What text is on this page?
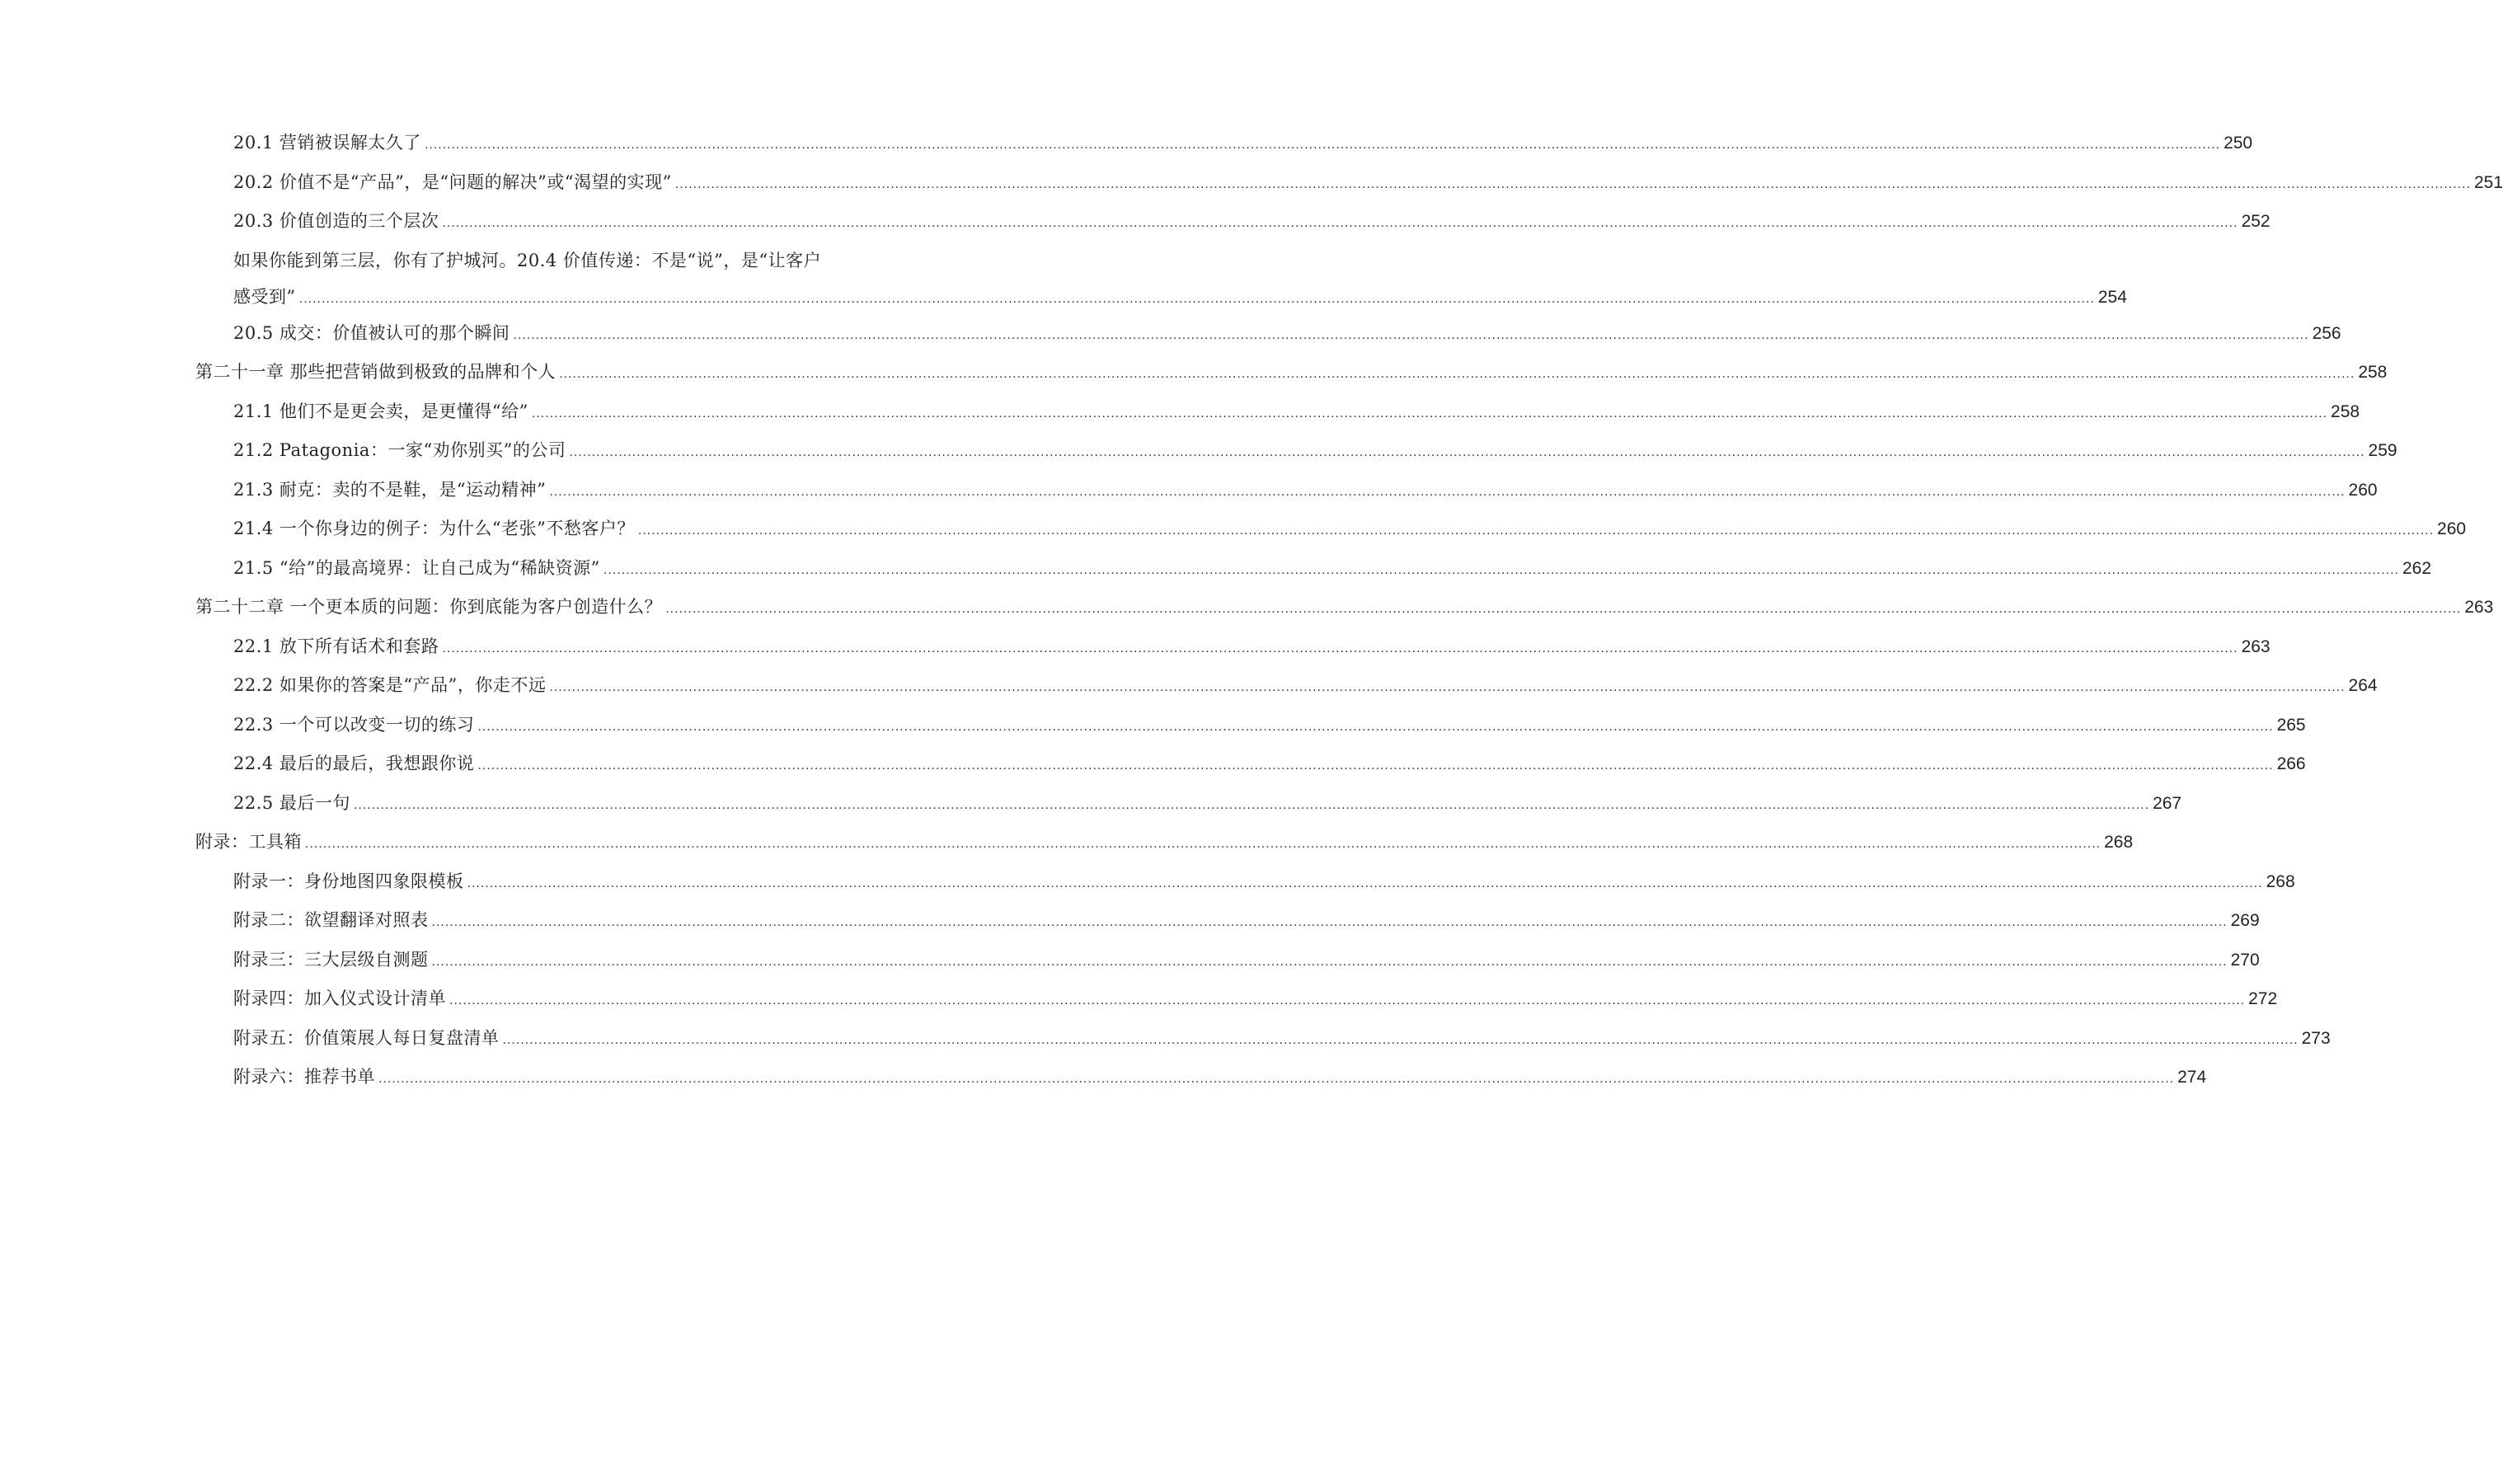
20.1 营销被误解太久了 ................................................................................................................................................................................................................................................................................................................................................................................................................ 250
20.2 价值不是“产品”，是“问题的解决”或“渴望的实现” ................................................................................................................................................................................................................................................................................................................................................................................................................ 251
20.3 价值创造的三个层次 ................................................................................................................................................................................................................................................................................................................................................................................................................ 252
如果你能到第三层，你有了护城河。20.4 价值传递：不是“说”，是“让客户
感受到” ................................................................................................................................................................................................................................................................................................................................................................................................................ 254
20.5 成交：价值被认可的那个瞬间 ................................................................................................................................................................................................................................................................................................................................................................................................................ 256
第二十一章 那些把营销做到极致的品牌和个人 ................................................................................................................................................................................................................................................................................................................................................................................................................ 258
21.1 他们不是更会卖，是更懂得“给” ................................................................................................................................................................................................................................................................................................................................................................................................................ 258
21.2 Patagonia：一家“劝你别买”的公司 ................................................................................................................................................................................................................................................................................................................................................................................................................ 259
21.3 耐克：卖的不是鞋，是“运动精神” ................................................................................................................................................................................................................................................................................................................................................................................................................ 260
21.4 一个你身边的例子：为什么“老张”不愁客户？ ................................................................................................................................................................................................................................................................................................................................................................................................................ 260
21.5 “给”的最高境界：让自己成为“稀缺资源” ................................................................................................................................................................................................................................................................................................................................................................................................................ 262
第二十二章 一个更本质的问题：你到底能为客户创造什么？ ................................................................................................................................................................................................................................................................................................................................................................................................................ 263
22.1 放下所有话术和套路 ................................................................................................................................................................................................................................................................................................................................................................................................................ 263
22.2 如果你的答案是“产品”，你走不远 ................................................................................................................................................................................................................................................................................................................................................................................................................ 264
22.3 一个可以改变一切的练习 ................................................................................................................................................................................................................................................................................................................................................................................................................ 265
22.4 最后的最后，我想跟你说 ................................................................................................................................................................................................................................................................................................................................................................................................................ 266
22.5 最后一句 ................................................................................................................................................................................................................................................................................................................................................................................................................ 267
附录：工具箱 ................................................................................................................................................................................................................................................................................................................................................................................................................ 268
附录一：身份地图四象限模板 ................................................................................................................................................................................................................................................................................................................................................................................................................ 268
附录二：欲望翻译对照表 ................................................................................................................................................................................................................................................................................................................................................................................................................ 269
附录三：三大层级自测题 ................................................................................................................................................................................................................................................................................................................................................................................................................ 270
附录四：加入仪式设计清单 ................................................................................................................................................................................................................................................................................................................................................................................................................ 272
附录五：价值策展人每日复盘清单 ................................................................................................................................................................................................................................................................................................................................................................................................................ 273
附录六：推荐书单 ................................................................................................................................................................................................................................................................................................................................................................................................................ 274
